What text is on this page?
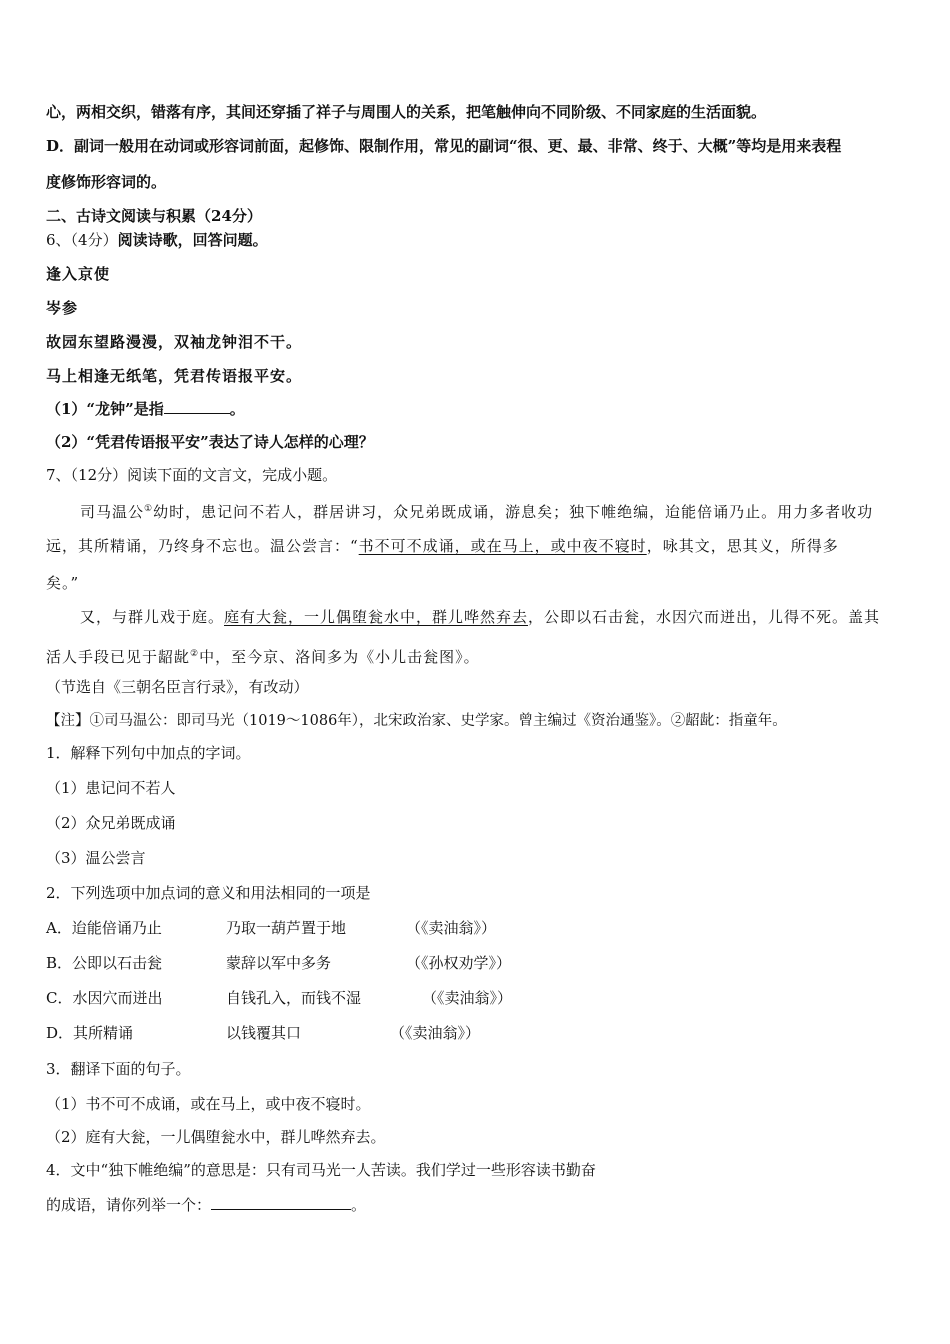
心，两相交织，错落有序，其间还穿插了祥子与周围人的关系，把笔触伸向不同阶级、不同家庭的生活面貌。
D．副词一般用在动词或形容词前面，起修饰、限制作用，常见的副词“很、更、最、非常、终于、大概”等均是用来表程
度修饰形容词的。
二、古诗文阅读与积累（24分）
6、（4分）阅读诗歌，回答问题。
逢入京使
岑参
故园东望路漫漫，双袖龙钟泪不干。
马上相逢无纸笔，凭君传语报平安。
（1）“龙钟”是指	。
（2）“凭君传语报平安”表达了诗人怎样的心理？
7、（12分）阅读下面的文言文，完成小题。
司马温公①幼时，患记问不若人，群居讲习，众兄弟既成诵，游息矣；独下帷绝编，迨能倍诵乃止。用力多者收功
远，其所精诵，乃终身不忘也。温公尝言：“书不可不成诵，或在马上，或中夜不寝时，咏其文，思其义，所得多
矣。”
又，与群儿戏于庭。庭有大瓮，一儿偶堕瓮水中，群儿哗然弃去，公即以石击瓮，水因穴而迸出，儿得不死。盖其
活人手段已见于龆龀②中，至今京、洛间多为《小儿击瓮图》。
（节选自《三朝名臣言行录》，有改动）
【注】①司马温公：即司马光（1019～1086年），北宋政治家、史学家。曾主编过《资治通鉴》。②龆龀：指童年。
1．解释下列句中加点的字词。
（1）患记问不若人
（2）众兄弟既成诵
（3）温公尝言
2．下列选项中加点词的意义和用法相同的一项是
A．迨能倍诵乃止	乃取一葫芦置于地	（《卖油翁》）
B．公即以石击瓮	蒙辞以军中多务	（《孙权劝学》）
C．水因穴而迸出	自钱孔入，而钱不湿	（《卖油翁》）
D．其所精诵	以钱覆其口	（《卖油翁》）
3．翻译下面的句子。
（1）书不可不成诵，或在马上，或中夜不寝时。
（2）庭有大瓮，一儿偶堕瓮水中，群儿哗然弃去。
4．文中“独下帷绝编”的意思是：只有司马光一人苦读。我们学过一些形容读书勤奋
的成语，请你列举一个：	。
